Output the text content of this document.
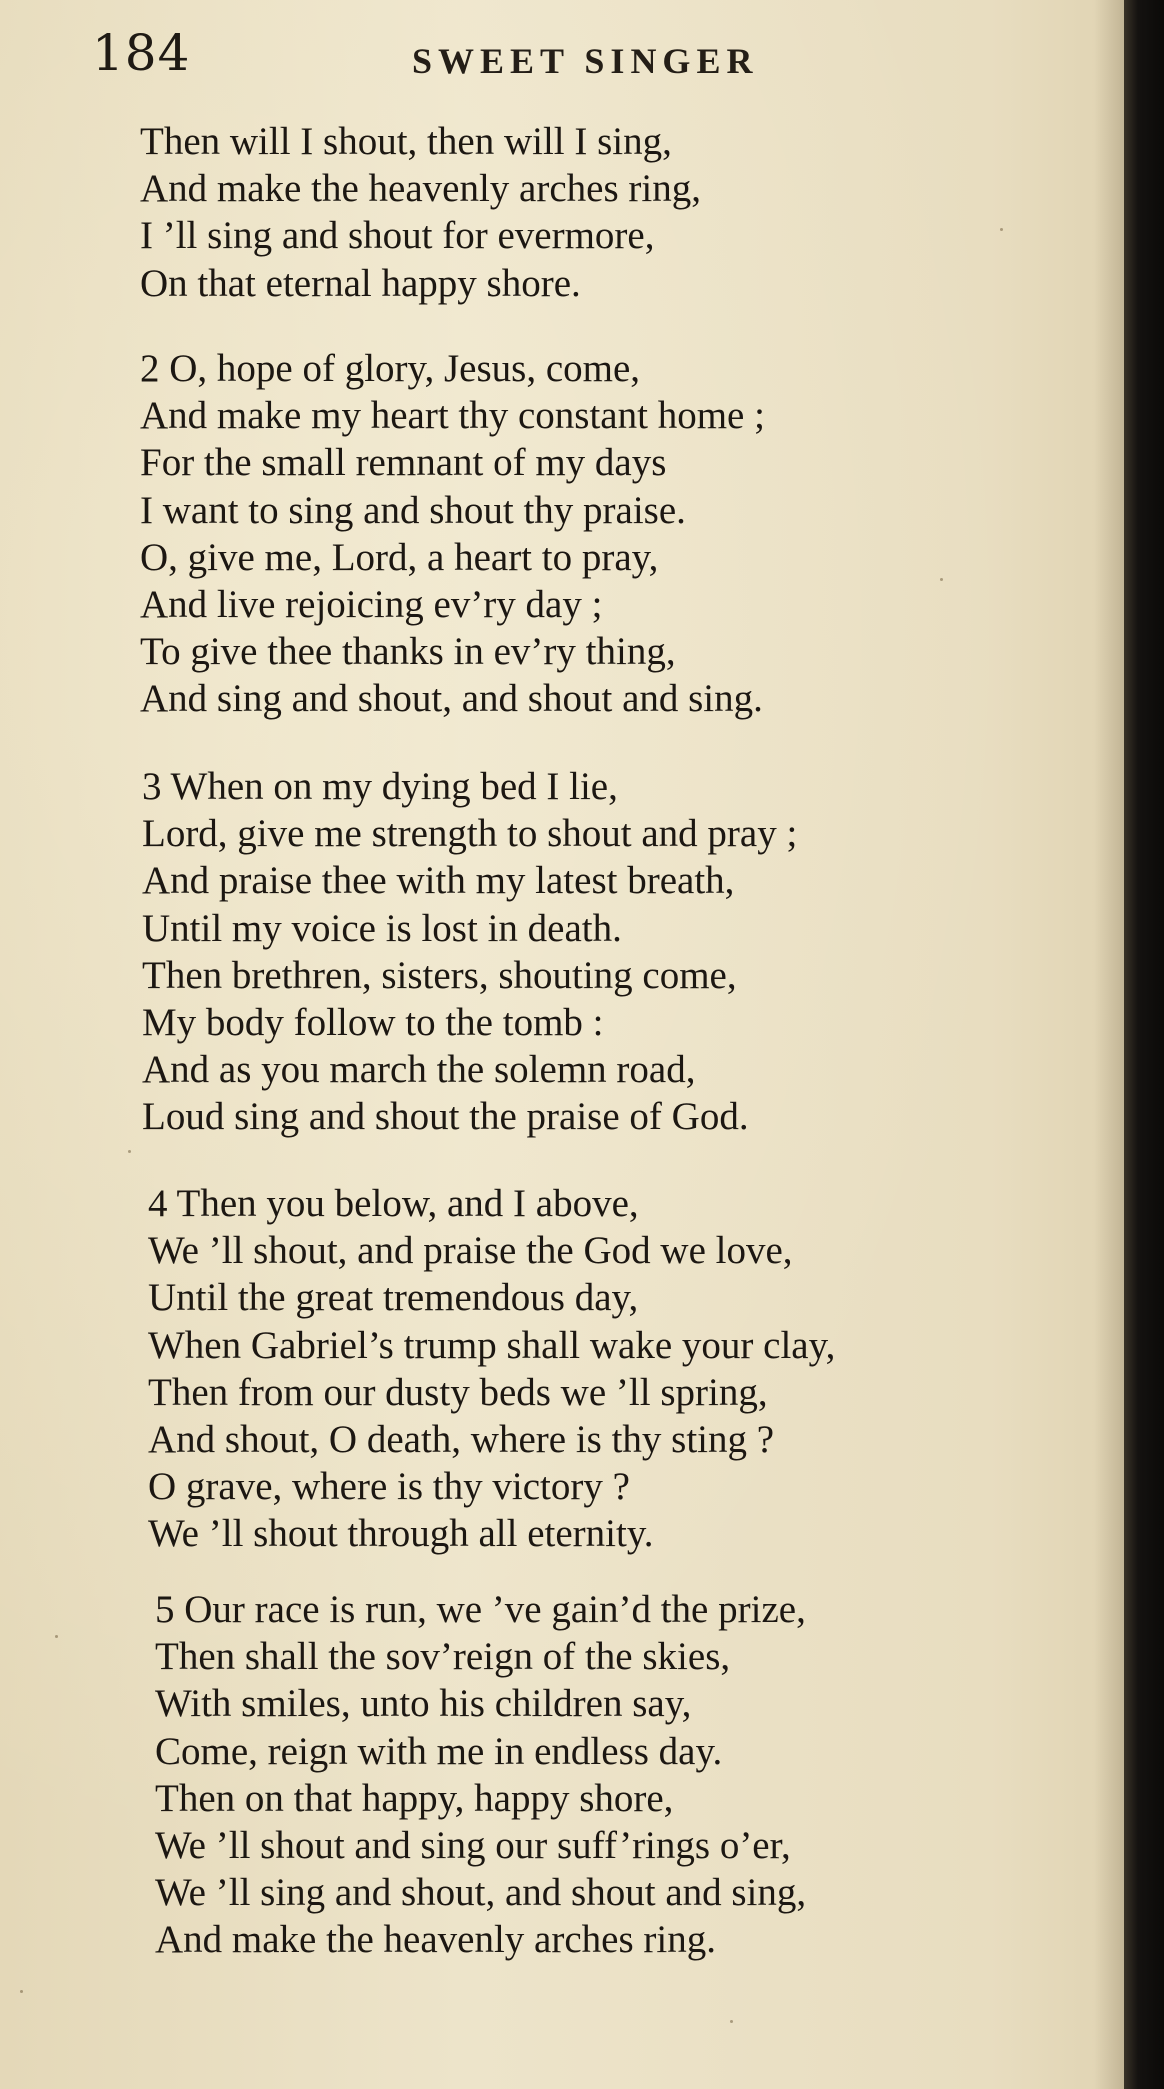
184	SWEET SINGER
Then will I shout, then will I sing,
And make the heavenly arches ring,
I ’ll sing and shout for evermore,
On that eternal happy shore.
2 O, hope of glory, Jesus, come,
And make my heart thy constant home ;
For the small remnant of my days
I want to sing and shout thy praise.
O, give me, Lord, a heart to pray,
And live rejoicing ev’ry day ;
To give thee thanks in ev’ry thing,
And sing and shout, and shout and sing.
3 When on my dying bed I lie,
Lord, give me strength to shout and pray ;
And praise thee with my latest breath,
Until my voice is lost in death.
Then brethren, sisters, shouting come,
My body follow to the tomb :
And as you march the solemn road,
Loud sing and shout the praise of God.
4 Then you below, and I above,
We ’ll shout, and praise the God we love,
Until the great tremendous day,
When Gabriel’s trump shall wake your clay,
Then from our dusty beds we ’ll spring,
And shout, O death, where is thy sting ?
O grave, where is thy victory ?
We ’ll shout through all eternity.
5 Our race is run, we ’ve gain’d the prize,
Then shall the sov’reign of the skies,
With smiles, unto his children say,
Come, reign with me in endless day.
Then on that happy, happy shore,
We ’ll shout and sing our suff’rings o’er,
We ’ll sing and shout, and shout and sing,
And make the heavenly arches ring.
